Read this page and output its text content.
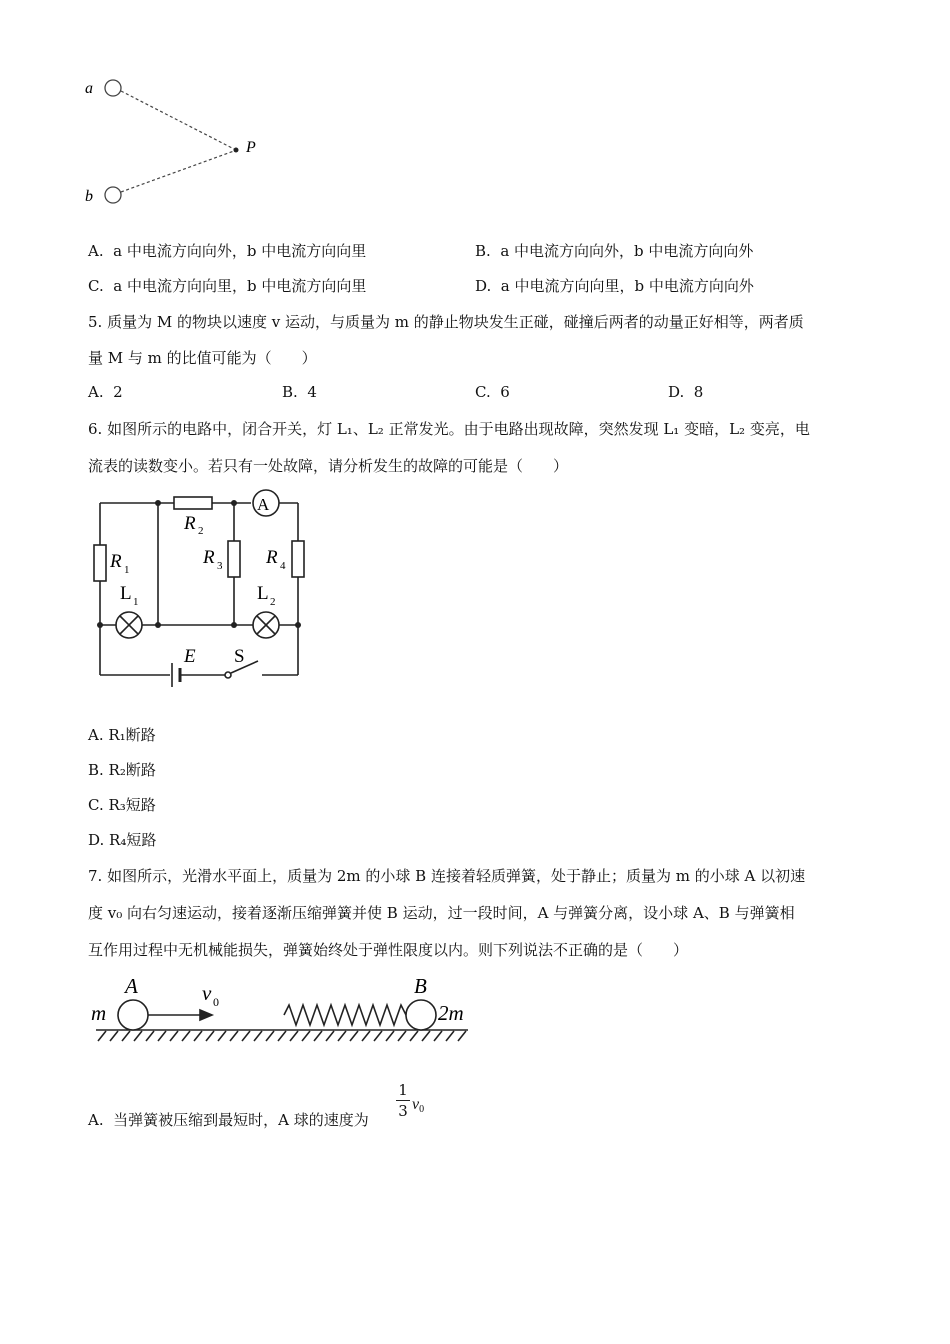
a
P
b
A.  a 中电流方向向外，b 中电流方向向里	B.  a 中电流方向向外，b 中电流方向向外
C.  a 中电流方向向里，b 中电流方向向里	D.  a 中电流方向向里，b 中电流方向向外
5. 质量为 M 的物块以速度 v 运动，与质量为 m 的静止物块发生正碰，碰撞后两者的动量正好相等，两者质
量 M 与 m 的比值可能为（　　）
A.  2	B.  4	C.  6	D.  8
6. 如图所示的电路中，闭合开关，灯 L₁、L₂ 正常发光。由于电路出现故障，突然发现 L₁ 变暗，L₂ 变亮，电
流表的读数变小。若只有一处故障，请分析发生的故障的可能是（　　）
A
R 2
R 1
R 3 R 4
L 1	L 2
E S
A. R₁断路
B. R₂断路
C. R₃短路
D. R₄短路
7. 如图所示，光滑水平面上，质量为 2m 的小球 B 连接着轻质弹簧，处于静止；质量为 m 的小球 A 以初速
度 v₀ 向右匀速运动，接着逐渐压缩弹簧并使 B 运动，过一段时间，A 与弹簧分离，设小球 A、B 与弹簧相
互作用过程中无机械能损失，弹簧始终处于弹性限度以内。则下列说法不正确的是（　　）
m
A	v 0
B
2m
A.  当弹簧被压缩到最短时，A 球的速度为
1
3 $v_0$
